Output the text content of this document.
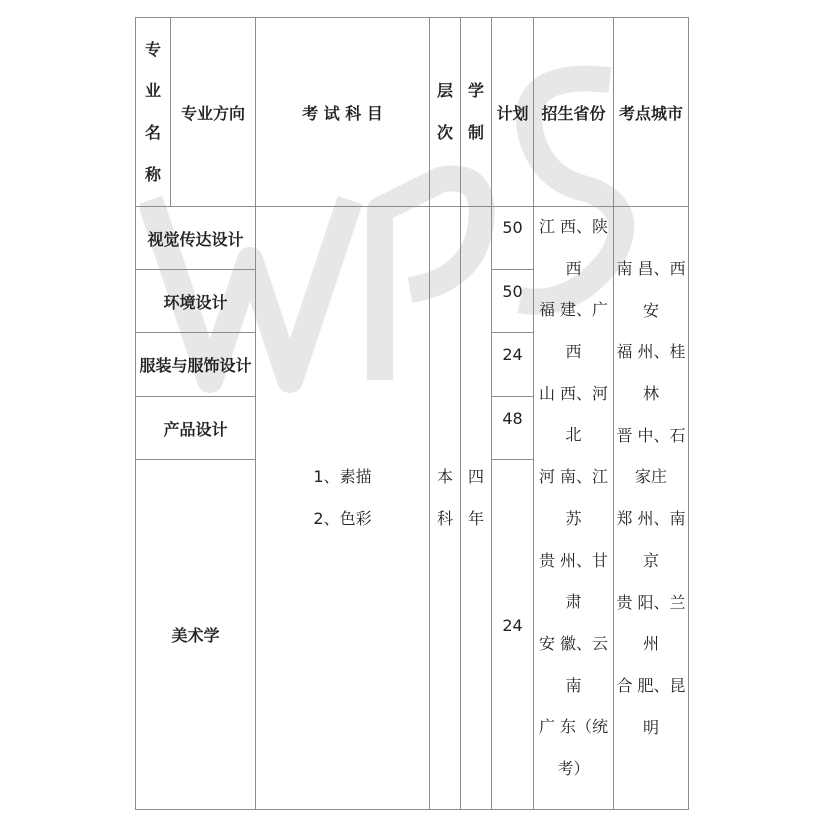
专
业
名
称
专业方向	考 试 科 目
层
次
学
制
计划 招生省份 考点城市
视觉传达设计
环境设计
服装与服饰设计
产品设计
美术学
50
50
24
48
24
1、素描
2、色彩
本
科
四
年
江 西、陕
西
福 建、广
西
山 西、河
北
河 南、江
苏
贵 州、甘
肃
安 徽、云
南
广 东（统
考）
南 昌、西
安
福 州、桂
林
晋 中、石
家庄
郑 州、南
京
贵 阳、兰
州
合 肥、昆
明
